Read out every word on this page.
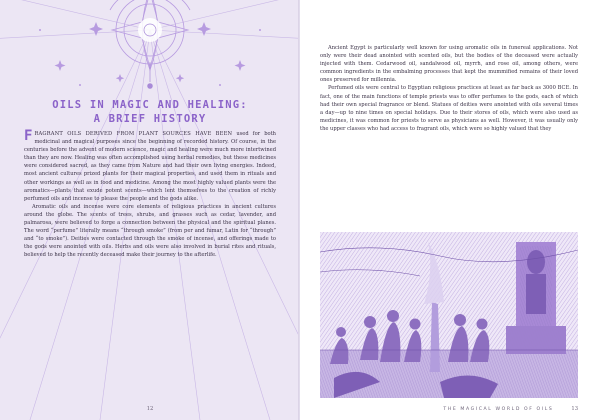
OILS IN MAGIC AND HEALING:
A BRIEF HISTORY

FRAGRANT OILS DERIVED FROM PLANT SOURCES HAVE BEEN used for both medicinal and magical purposes since the beginning of recorded history. Of course, in the centuries before the advent of modern science, magic and healing were much more intertwined than they are now. Healing was often accomplished using herbal remedies, but these medicines were considered sacred, as they came from Nature and had their own living energies. Indeed, most ancient cultures prized plants for their magical properties, and used them in rituals and other workings as well as in food and medicine. Among the most highly valued plants were the aromatics—plants that exude potent scents—which lent themselves to the creation of richly perfumed oils and incense to please the people and the gods alike.

Aromatic oils and incense were core elements of religious practices in ancient cultures around the globe. The scents of trees, shrubs, and grasses such as cedar, lavender, and palmarosa, were believed to forge a connection between the physical and the spiritual planes. The word “perfume” literally means “through smoke” (from per and fumar, Latin for “through” and “to smoke”). Deities were contacted through the smoke of incense, and offerings made to the gods were anointed with oils. Herbs and oils were also involved in burial rites and rituals, believed to help the recently deceased make their journey to the afterlife.

12

Ancient Egypt is particularly well known for using aromatic oils in funereal applications. Not only were their dead anointed with scented oils, but the bodies of the deceased were actually injected with them. Cedarwood oil, sandalwood oil, myrrh, and rose oil, among others, were common ingredients in the embalming processes that kept the mummified remains of their loved ones preserved for millennia.

Perfumed oils were central to Egyptian religious practices at least as far back as 3000 BCE. In fact, one of the main functions of temple priests was to offer perfumes to the gods, each of which had their own special fragrance or blend. Statues of deities were anointed with oils several times a day—up to nine times on special holidays. Due to their stores of oils, which were also used as medicines, it was common for priests to serve as physicians as well. However, it was usually only the upper classes who had access to fragrant oils, which were so highly valued that they

THE MAGICAL WORLD OF OILS	13
